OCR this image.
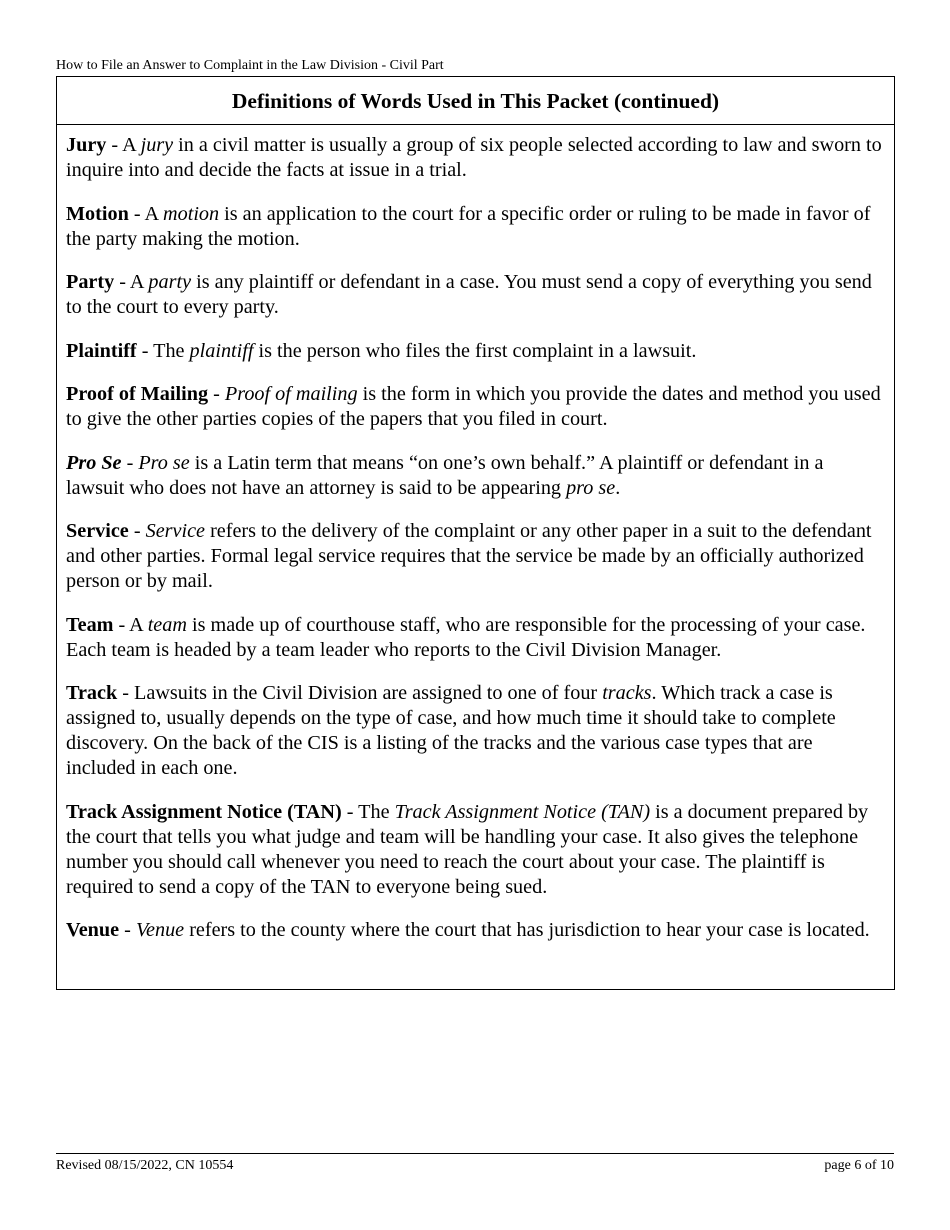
How to File an Answer to Complaint in the Law Division - Civil Part
Definitions of Words Used in This Packet (continued)

Jury - A jury in a civil matter is usually a group of six people selected according to law and sworn to inquire into and decide the facts at issue in a trial.

Motion - A motion is an application to the court for a specific order or ruling to be made in favor of the party making the motion.

Party - A party is any plaintiff or defendant in a case. You must send a copy of everything you send to the court to every party.

Plaintiff - The plaintiff is the person who files the first complaint in a lawsuit.

Proof of Mailing - Proof of mailing is the form in which you provide the dates and method you used to give the other parties copies of the papers that you filed in court.

Pro Se - Pro se is a Latin term that means “on one’s own behalf.” A plaintiff or defendant in a lawsuit who does not have an attorney is said to be appearing pro se.

Service - Service refers to the delivery of the complaint or any other paper in a suit to the defendant and other parties. Formal legal service requires that the service be made by an officially authorized person or by mail.

Team - A team is made up of courthouse staff, who are responsible for the processing of your case. Each team is headed by a team leader who reports to the Civil Division Manager.

Track - Lawsuits in the Civil Division are assigned to one of four tracks. Which track a case is assigned to, usually depends on the type of case, and how much time it should take to complete discovery. On the back of the CIS is a listing of the tracks and the various case types that are included in each one.

Track Assignment Notice (TAN) - The Track Assignment Notice (TAN) is a document prepared by the court that tells you what judge and team will be handling your case. It also gives the telephone number you should call whenever you need to reach the court about your case. The plaintiff is required to send a copy of the TAN to everyone being sued.

Venue - Venue refers to the county where the court that has jurisdiction to hear your case is located.

Revised 08/15/2022, CN 10554	page 6 of 10
